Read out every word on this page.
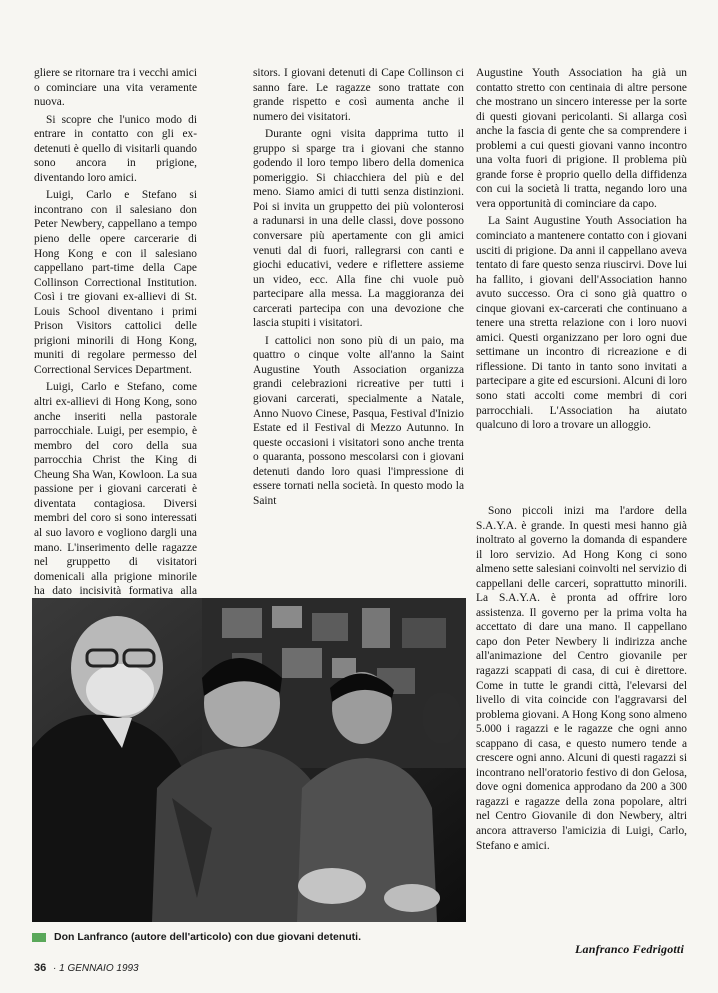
gliere se ritornare tra i vecchi amici o cominciare una vita veramente nuova.

Si scopre che l'unico modo di entrare in contatto con gli ex-detenuti è quello di visitarli quando sono ancora in prigione, diventando loro amici.

Luigi, Carlo e Stefano si incontrano con il salesiano don Peter Newbery, cappellano a tempo pieno delle opere carcerarie di Hong Kong e con il salesiano cappellano part-time della Cape Collinson Correctional Institution. Così i tre giovani ex-allievi di St. Louis School diventano i primi Prison Visitors cattolici delle prigioni minorili di Hong Kong, muniti di regolare permesso del Correctional Services Department.

Luigi, Carlo e Stefano, come altri ex-allievi di Hong Kong, sono anche inseriti nella pastorale parrocchiale. Luigi, per esempio, è membro del coro della sua parrocchia Christ the King di Cheung Sha Wan, Kowloon. La sua passione per i giovani carcerati è diventata contagiosa. Diversi membri del coro si sono interessati al suo lavoro e vogliono dargli una mano. L'inserimento delle ragazze nel gruppetto di visitatori domenicali alla prigione minorile ha dato incisività formativa alla

sitors. I giovani detenuti di Cape Collinson ci sanno fare. Le ragazze sono trattate con grande rispetto e così aumenta anche il numero dei visitatori.

Durante ogni visita dapprima tutto il gruppo si sparge tra i giovani che stanno godendo il loro tempo libero della domenica pomeriggio. Si chiacchiera del più e del meno. Siamo amici di tutti senza distinzioni. Poi si invita un gruppetto dei più volonterosi a radunarsi in una delle classi, dove possono conversare più apertamente con gli amici venuti dal di fuori, rallegrarsi con canti e giochi educativi, vedere e riflettere assieme un video, ecc. Alla fine chi vuole può partecipare alla messa. La maggioranza dei carcerati partecipa con una devozione che lascia stupiti i visitatori.

I cattolici non sono più di un paio, ma quattro o cinque volte all'anno la Saint Augustine Youth Association organizza grandi celebrazioni ricreative per tutti i giovani carcerati, specialmente a Natale, Anno Nuovo Cinese, Pasqua, Festival d'Inizio Estate ed il Festival di Mezzo Autunno. In queste occasioni i visitatori sono anche trenta o quaranta, possono mescolarsi con i giovani detenuti dando loro quasi l'impressione di essere tornati nella società. In questo modo la Saint

Augustine Youth Association ha già un contatto stretto con centinaia di altre persone che mostrano un sincero interesse per la sorte di questi giovani pericolanti. Si allarga così anche la fascia di gente che sa comprendere i problemi a cui questi giovani vanno incontro una volta fuori di prigione. Il problema più grande forse è proprio quello della diffidenza con cui la società li tratta, negando loro una vera opportunità di cominciare da capo.

La Saint Augustine Youth Association ha cominciato a mantenere contatto con i giovani usciti di prigione. Da anni il cappellano aveva tentato di fare questo senza riuscirvi. Dove lui ha fallito, i giovani dell'Association hanno avuto successo. Ora ci sono già quattro o cinque giovani ex-carcerati che continuano a tenere una stretta relazione con i loro nuovi amici. Questi organizzano per loro ogni due settimane un incontro di ricreazione e di riflessione. Di tanto in tanto sono invitati a partecipare a gite ed escursioni. Alcuni di loro sono stati accolti come membri di cori parrocchiali. L'Association ha aiutato qualcuno di loro a trovare un alloggio.

Sono piccoli inizi ma l'ardore della S.A.Y.A. è grande. In questi mesi hanno già inoltrato al governo la domanda di espandere il loro servizio. Ad Hong Kong ci sono almeno sette salesiani coinvolti nel servizio di cappellani delle carceri, soprattutto minorili. La S.A.Y.A. è pronta ad offrire loro assistenza. Il governo per la prima volta ha accettato di dare una mano. Il cappellano capo don Peter Newbery li indirizza anche all'animazione del Centro giovanile per ragazzi scappati di casa, di cui è direttore. Come in tutte le grandi città, l'elevarsi del livello di vita coincide con l'aggravarsi del problema giovani. A Hong Kong sono almeno 5.000 i ragazzi e le ragazze che ogni anno scappano di casa, e questo numero tende a crescere ogni anno. Alcuni di questi ragazzi si incontrano nell'oratorio festivo di don Gelosa, dove ogni domenica approdano da 200 a 300 ragazzi e ragazze della zona popolare, altri nel Centro Giovanile di don Newbery, altri ancora attraverso l'amicizia di Luigi, Carlo, Stefano e amici.

Don Lanfranco (autore dell'articolo) con due giovani detenuti.
Lanfranco Fedrigotti
36 · 1 GENNAIO 1993
